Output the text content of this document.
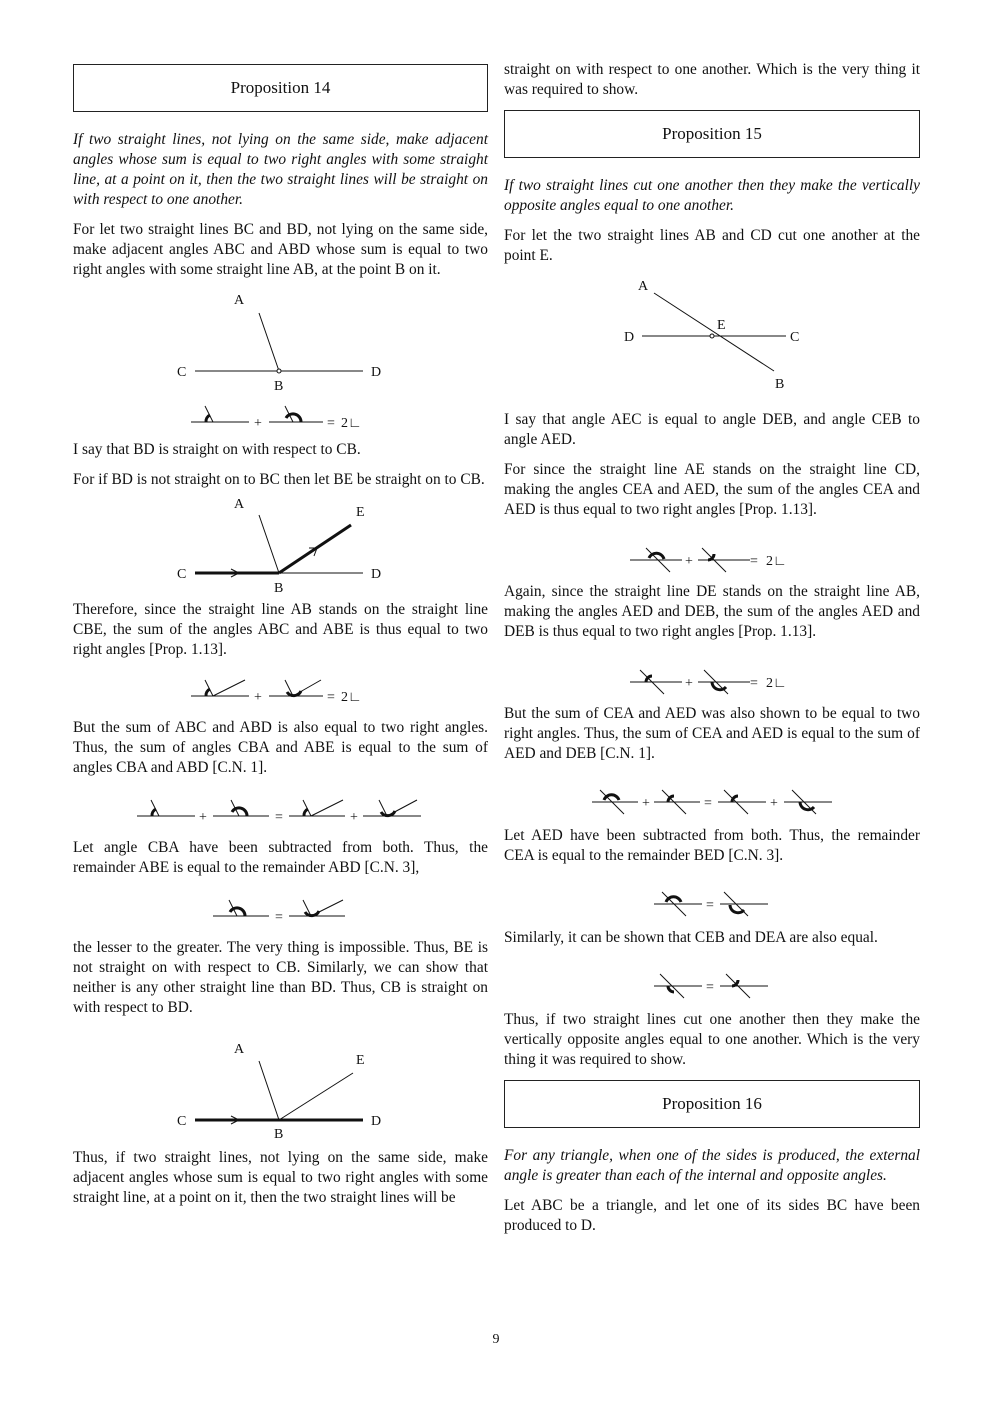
Proposition 14

If two straight lines, not lying on the same side, make adjacent angles whose sum is equal to two right angles with some straight line, at a point on it, then the two straight lines will be straight on with respect to one another.

For let two straight lines BC and BD, not lying on the same side, make adjacent angles ABC and ABD whose sum is equal to two right angles with some straight line AB, at the point B on it.

A
C
B
D
+	= 2∟

I say that BD is straight on with respect to CB.

For if BD is not straight on to BC then let BE be straight on to CB.

A
E
C
B
D

Therefore, since the straight line AB stands on the straight line CBE, the sum of the angles ABC and ABE is thus equal to two right angles [Prop. 1.13].

+	= 2∟

But the sum of ABC and ABD is also equal to two right angles. Thus, the sum of angles CBA and ABE is equal to the sum of angles CBA and ABD [C.N. 1].

+	=	+

Let angle CBA have been subtracted from both. Thus, the remainder ABE is equal to the remainder ABD [C.N. 3],

=

the lesser to the greater. The very thing is impossible. Thus, BE is not straight on with respect to CB. Similarly, we can show that neither is any other straight line than BD. Thus, CB is straight on with respect to BD.

A
E
C
B
D

Thus, if two straight lines, not lying on the same side, make adjacent angles whose sum is equal to two right angles with some straight line, at a point on it, then the two straight lines will be

straight on with respect to one another. Which is the very thing it was required to show.

Proposition 15

If two straight lines cut one another then they make the vertically opposite angles equal to one another.

For let the two straight lines AB and CD cut one another at the point E.

A
E
D	C
B

I say that angle AEC is equal to angle DEB, and angle CEB to angle AED.

For since the straight line AE stands on the straight line CD, making the angles CEA and AED, the sum of the angles CEA and AED is thus equal to two right angles [Prop. 1.13].

+	= 2∟

Again, since the straight line DE stands on the straight line AB, making the angles AED and DEB, the sum of the angles AED and DEB is thus equal to two right angles [Prop. 1.13].

+	= 2∟

But the sum of CEA and AED was also shown to be equal to two right angles. Thus, the sum of CEA and AED is equal to the sum of AED and DEB [C.N. 1].

+	=	+

Let AED have been subtracted from both. Thus, the remainder CEA is equal to the remainder BED [C.N. 3].

=

Similarly, it can be shown that CEB and DEA are also equal.

=

Thus, if two straight lines cut one another then they make the vertically opposite angles equal to one another. Which is the very thing it was required to show.

Proposition 16

For any triangle, when one of the sides is produced, the external angle is greater than each of the internal and opposite angles.

Let ABC be a triangle, and let one of its sides BC have been produced to D.

9
